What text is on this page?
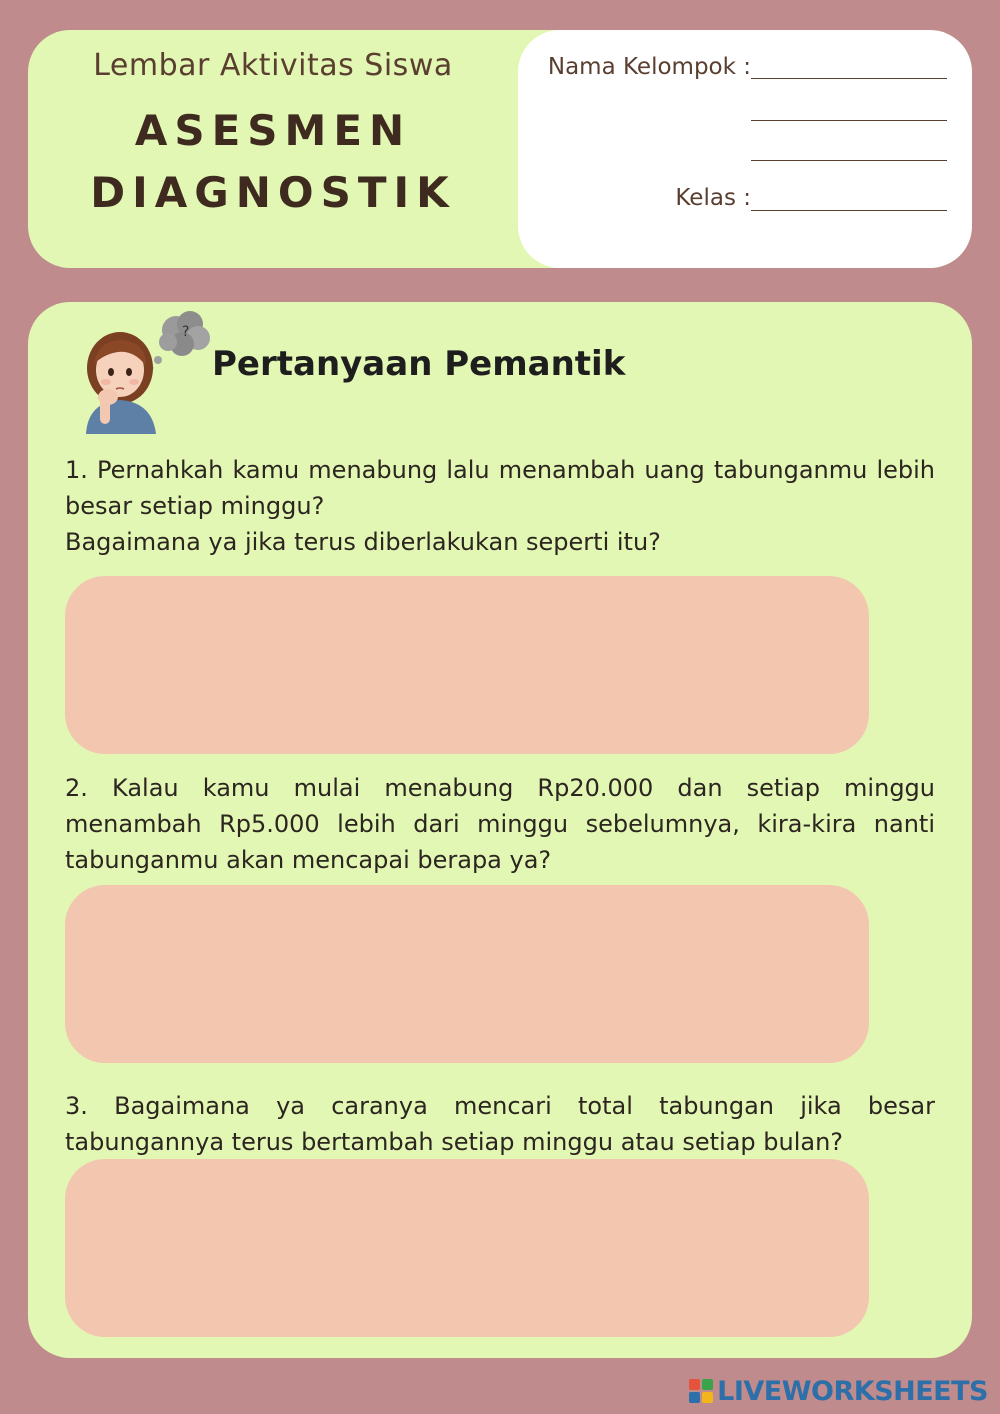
Lembar Aktivitas Siswa
ASESMEN
DIAGNOSTIK
Nama Kelompok :
Kelas :
?
Pertanyaan Pemantik
1. Pernahkah kamu menabung lalu menambah uang tabunganmu lebih besar setiap minggu?
Bagaimana ya jika terus diberlakukan seperti itu?
2. Kalau kamu mulai menabung Rp20.000 dan setiap minggu menambah Rp5.000 lebih dari minggu sebelumnya, kira-kira nanti tabunganmu akan mencapai berapa ya?
3. Bagaimana ya caranya mencari total tabungan jika besar tabungannya terus bertambah setiap minggu atau setiap bulan?
LIVEWORKSHEETS
